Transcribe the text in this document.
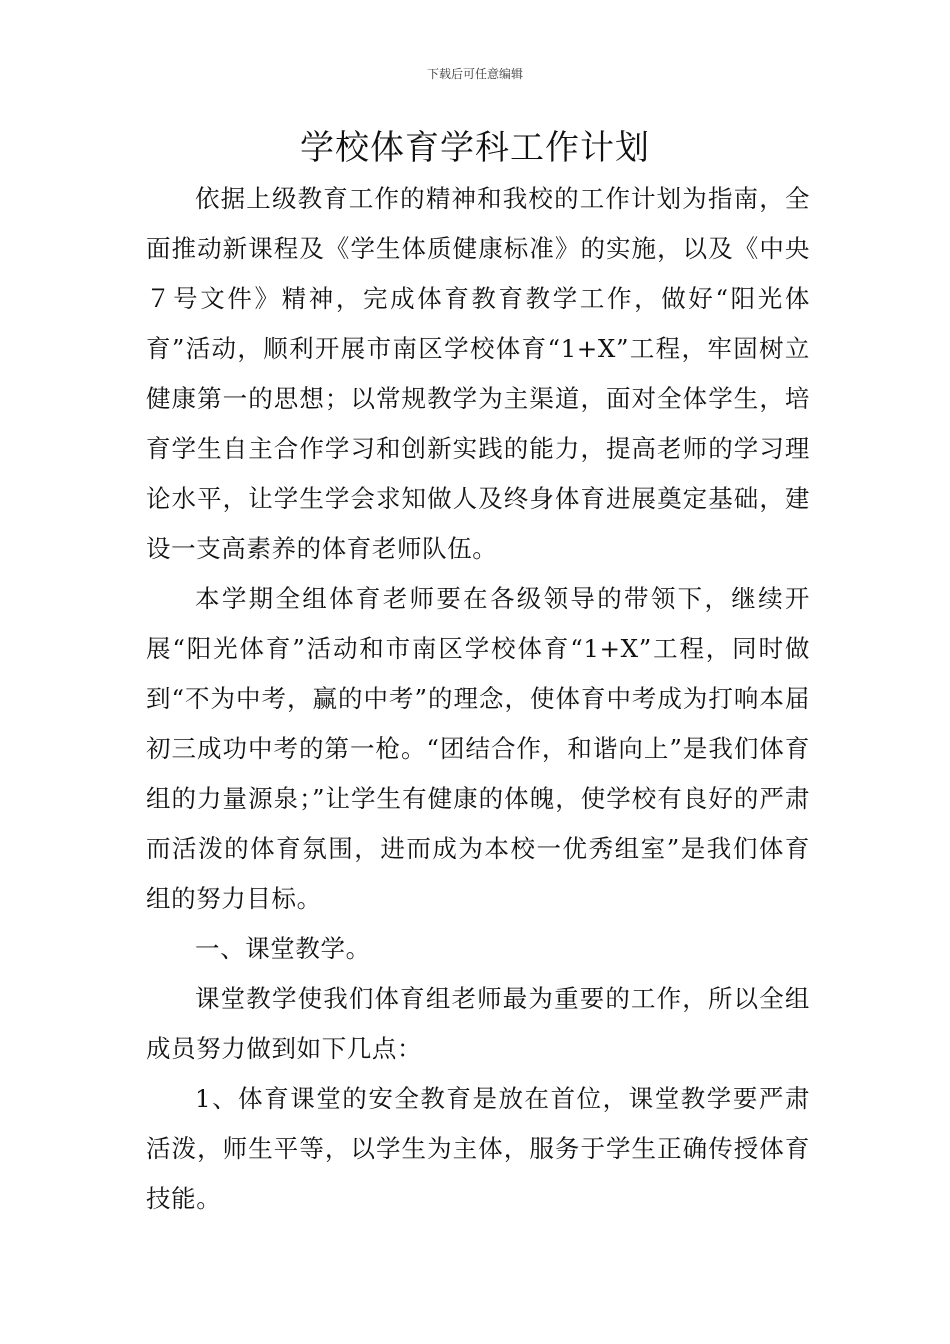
下载后可任意编辑
学校体育学科工作计划

依据上级教育工作的精神和我校的工作计划为指南，全面推动新课程及《学生体质健康标准》的实施，以及《中央７号文件》精神，完成体育教育教学工作，做好“阳光体育”活动，顺利开展市南区学校体育“1+X”工程，牢固树立健康第一的思想；以常规教学为主渠道，面对全体学生，培育学生自主合作学习和创新实践的能力，提高老师的学习理论水平，让学生学会求知做人及终身体育进展奠定基础，建设一支高素养的体育老师队伍。

本学期全组体育老师要在各级领导的带领下，继续开展“阳光体育”活动和市南区学校体育“1+X”工程，同时做到“不为中考，赢的中考”的理念，使体育中考成为打响本届初三成功中考的第一枪。“团结合作，和谐向上”是我们体育组的力量源泉；”让学生有健康的体魄，使学校有良好的严肃而活泼的体育氛围，进而成为本校一优秀组室”是我们体育组的努力目标。

一、课堂教学。

课堂教学使我们体育组老师最为重要的工作，所以全组成员努力做到如下几点：

1、体育课堂的安全教育是放在首位，课堂教学要严肃活泼，师生平等，以学生为主体，服务于学生正确传授体育技能。
